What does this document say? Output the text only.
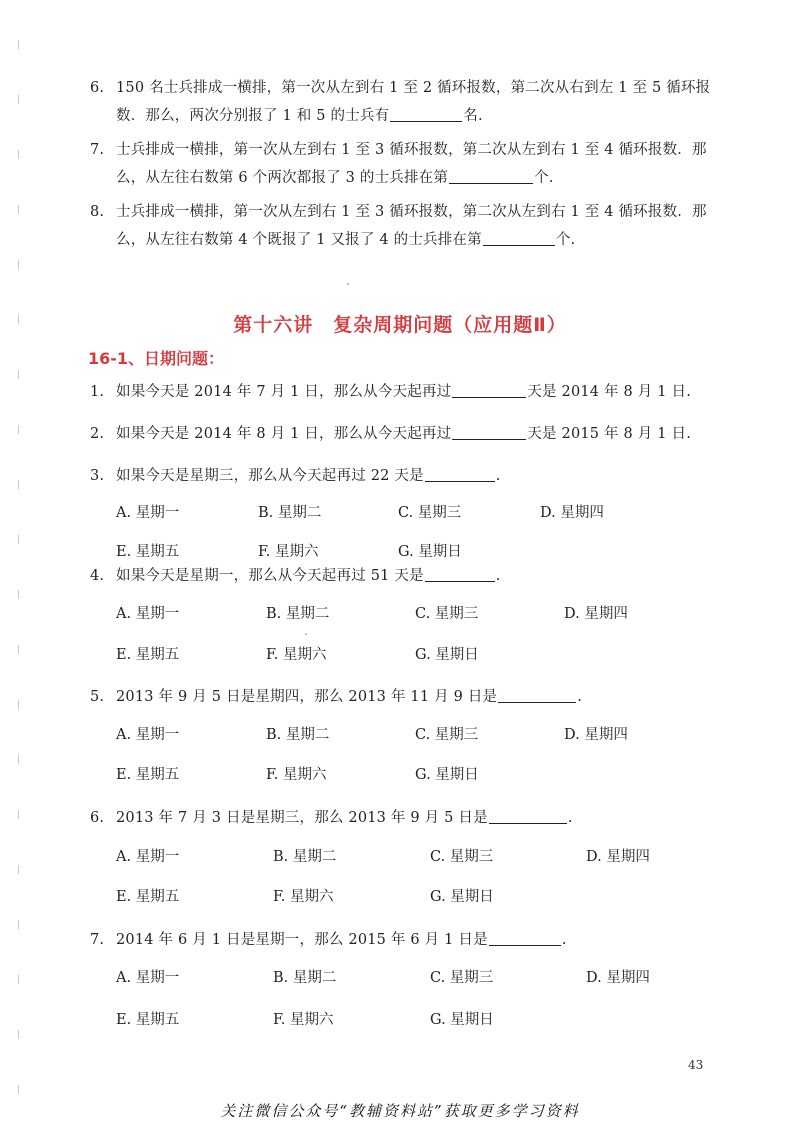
6. 150 名士兵排成一横排，第一次从左到右 1 至 2 循环报数，第二次从右到左 1 至 5 循环报
数．那么，两次分别报了 1 和 5 的士兵有	名.
7. 士兵排成一横排，第一次从左到右 1 至 3 循环报数，第二次从左到右 1 至 4 循环报数．那
么，从左往右数第 6 个两次都报了 3 的士兵排在第	个.
8. 士兵排成一横排，第一次从左到右 1 至 3 循环报数，第二次从左到右 1 至 4 循环报数．那
么，从左往右数第 4 个既报了 1 又报了 4 的士兵排在第	个.
第十六讲 复杂周期问题（应用题Ⅱ）
16-1、日期问题：
1. 如果今天是 2014 年 7 月 1 日，那么从今天起再过	天是 2014 年 8 月 1 日.
2. 如果今天是 2014 年 8 月 1 日，那么从今天起再过	天是 2015 年 8 月 1 日.
3. 如果今天是星期三，那么从今天起再过 22 天是	.
A. 星期一	B. 星期二	C. 星期三	D. 星期四
E. 星期五	F. 星期六	G. 星期日
4. 如果今天是星期一，那么从今天起再过 51 天是	.
A. 星期一	B. 星期二	C. 星期三	D. 星期四
E. 星期五	F. 星期六	G. 星期日
5. 2013 年 9 月 5 日是星期四，那么 2013 年 11 月 9 日是	.
A. 星期一	B. 星期二	C. 星期三	D. 星期四
E. 星期五	F. 星期六	G. 星期日
6. 2013 年 7 月 3 日是星期三，那么 2013 年 9 月 5 日是	.
A. 星期一	B. 星期二	C. 星期三	D. 星期四
E. 星期五	F. 星期六	G. 星期日
7. 2014 年 6 月 1 日是星期一，那么 2015 年 6 月 1 日是	.
A. 星期一	B. 星期二	C. 星期三	D. 星期四
E. 星期五	F. 星期六	G. 星期日
43
关注微信公众号“教辅资料站”获取更多学习资料
